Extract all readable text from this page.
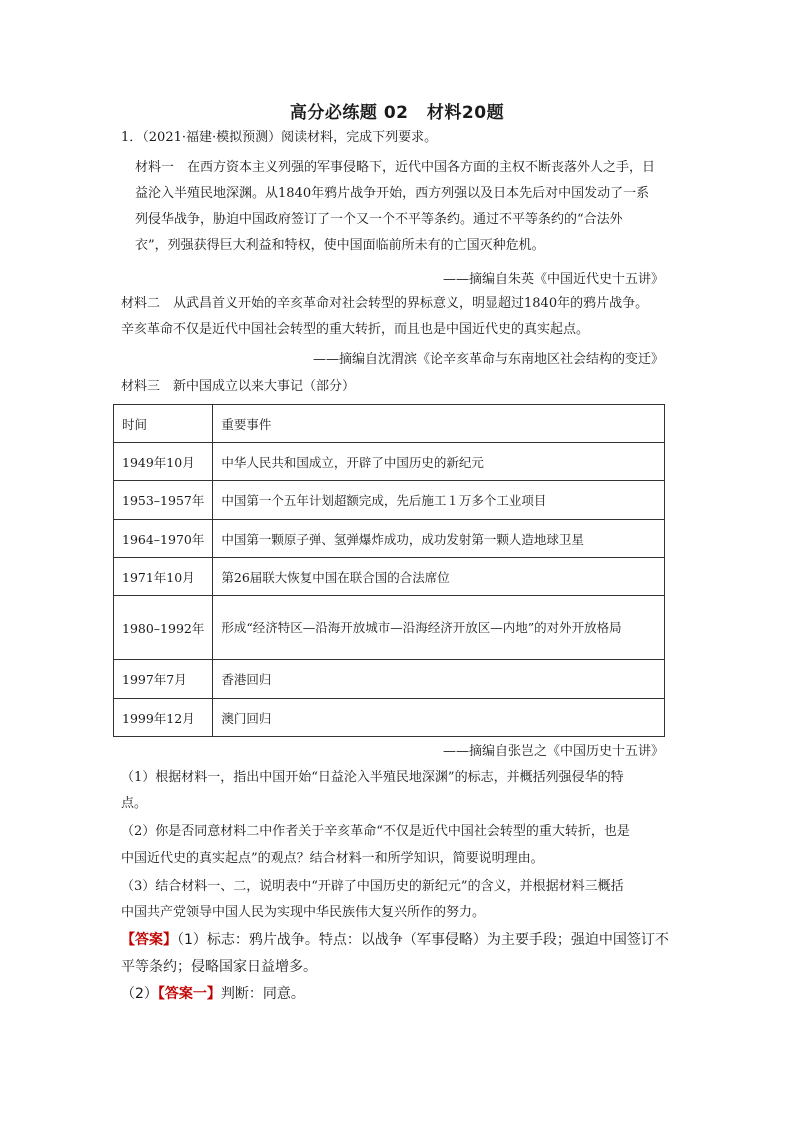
高分必练题 02 材料20题
1．（2021·福建·模拟预测）阅读材料，完成下列要求。
材料一　在西方资本主义列强的军事侵略下，近代中国各方面的主权不断丧落外人之手，日
益沦入半殖民地深渊。从1840年鸦片战争开始，西方列强以及日本先后对中国发动了一系
列侵华战争，胁迫中国政府签订了一个又一个不平等条约。通过不平等条约的“合法外
衣”，列强获得巨大利益和特权，使中国面临前所未有的亡国灭种危机。
——摘编自朱英《中国近代史十五讲》
材料二　从武昌首义开始的辛亥革命对社会转型的界标意义，明显超过1840年的鸦片战争。
辛亥革命不仅是近代中国社会转型的重大转折，而且也是中国近代史的真实起点。
——摘编自沈渭滨《论辛亥革命与东南地区社会结构的变迁》
材料三　新中国成立以来大事记（部分）
时间	重要事件
1949年10月	中华人民共和国成立，开辟了中国历史的新纪元
1953–1957年	中国第一个五年计划超额完成，先后施工１万多个工业项目
1964–1970年	中国第一颗原子弹、氢弹爆炸成功，成功发射第一颗人造地球卫星
1971年10月	第26届联大恢复中国在联合国的合法席位
1980–1992年	形成“经济特区—沿海开放城市—沿海经济开放区—内地”的对外开放格局
1997年7月	香港回归
1999年12月	澳门回归
——摘编自张岂之《中国历史十五讲》
（1）根据材料一，指出中国开始“日益沦入半殖民地深渊”的标志，并概括列强侵华的特
点。
（2）你是否同意材料二中作者关于辛亥革命“不仅是近代中国社会转型的重大转折，也是
中国近代史的真实起点”的观点？结合材料一和所学知识，简要说明理由。
（3）结合材料一、二，说明表中“开辟了中国历史的新纪元”的含义，并根据材料三概括
中国共产党领导中国人民为实现中华民族伟大复兴所作的努力。
【答案】（1）标志：鸦片战争。特点：以战争（军事侵略）为主要手段；强迫中国签订不
平等条约；侵略国家日益增多。
（2）【答案一】判断：同意。
